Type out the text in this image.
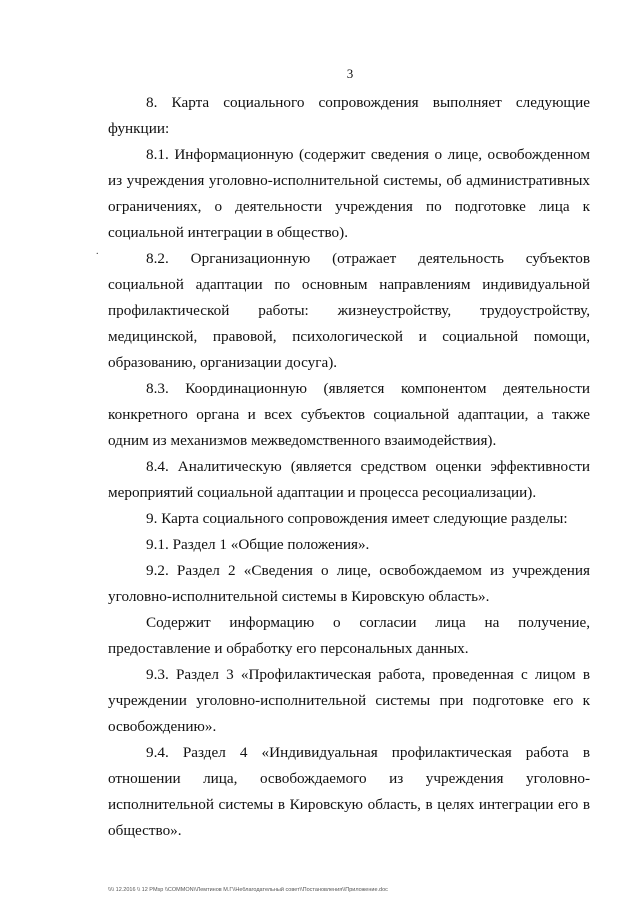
3
.

8. Карта социального сопровождения выполняет следующие функции:

8.1. Информационную (содержит сведения о лице, освобожденном из учреждения уголовно-исполнительной системы, об административных ограничениях, о деятельности учреждения по подготовке лица к социальной интеграции в общество).

8.2. Организационную (отражает деятельность субъектов социальной адаптации по основным направлениям индивидуальной профилактической работы: жизнеустройству, трудоустройству, медицинской, правовой, психологической и социальной помощи, образованию, организации досуга).

8.3. Координационную (является компонентом деятельности конкретного органа и всех субъектов социальной адаптации, а также одним из механизмов межведомственного взаимодействия).

8.4. Аналитическую (является средством оценки эффективности мероприятий социальной адаптации и процесса ресоциализации).

9. Карта социального сопровождения имеет следующие разделы:

9.1. Раздел 1 «Общие положения».

9.2. Раздел 2 «Сведения о лице, освобождаемом из учреждения уголовно-исполнительной системы в Кировскую область».

Содержит информацию о согласии лица на получение, предоставление и обработку его персональных данных.

9.3. Раздел 3 «Профилактическая работа, проведенная с лицом в учреждении уголовно-исполнительной системы при подготовке его к освобождению».

9.4. Раздел 4 «Индивидуальная профилактическая работа в отношении лица, освобождаемого из учреждения уголовно-исполнительной системы в Кировскую область, в целях интеграции его в общество».

\\\\ 12.2016 \\ 12 PMsp \\COMMON\\Лемтинов М.Г\\Неблагодательный совет\\Постановления\\Приложение.doc
